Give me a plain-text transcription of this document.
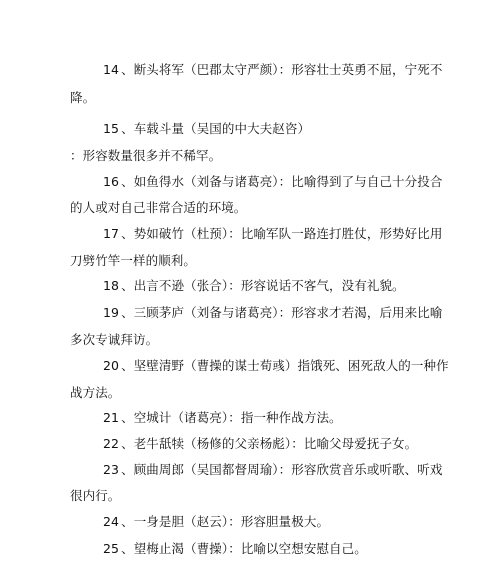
14 、断头将军（巴郡太守严颜）：形容壮士英勇不屈，宁死不
降。
15 、车载斗量（吴国的中大夫赵咨）
：形容数量很多并不稀罕。
16 、如鱼得水（刘备与诸葛亮）：比喻得到了与自己十分投合
的人或对自己非常合适的环境。
17 、势如破竹（杜预）：比喻军队一路连打胜仗，形势好比用
刀劈竹竿一样的顺利。
18 、出言不逊（张合）：形容说话不客气，没有礼貌。
19 、三顾茅庐（刘备与诸葛亮）：形容求才若渴，后用来比喻
多次专诚拜访。
20 、坚壁清野（曹操的谋士荀彧）指饿死、困死敌人的一种作
战方法。
21 、空城计（诸葛亮）：指一种作战方法。
22 、老牛舐犊（杨修的父亲杨彪）：比喻父母爱抚子女。
23 、顾曲周郎（吴国都督周瑜）：形容欣赏音乐或听歌、听戏
很内行。
24 、一身是胆（赵云）：形容胆量极大。
25 、望梅止渴（曹操）：比喻以空想安慰自己。
